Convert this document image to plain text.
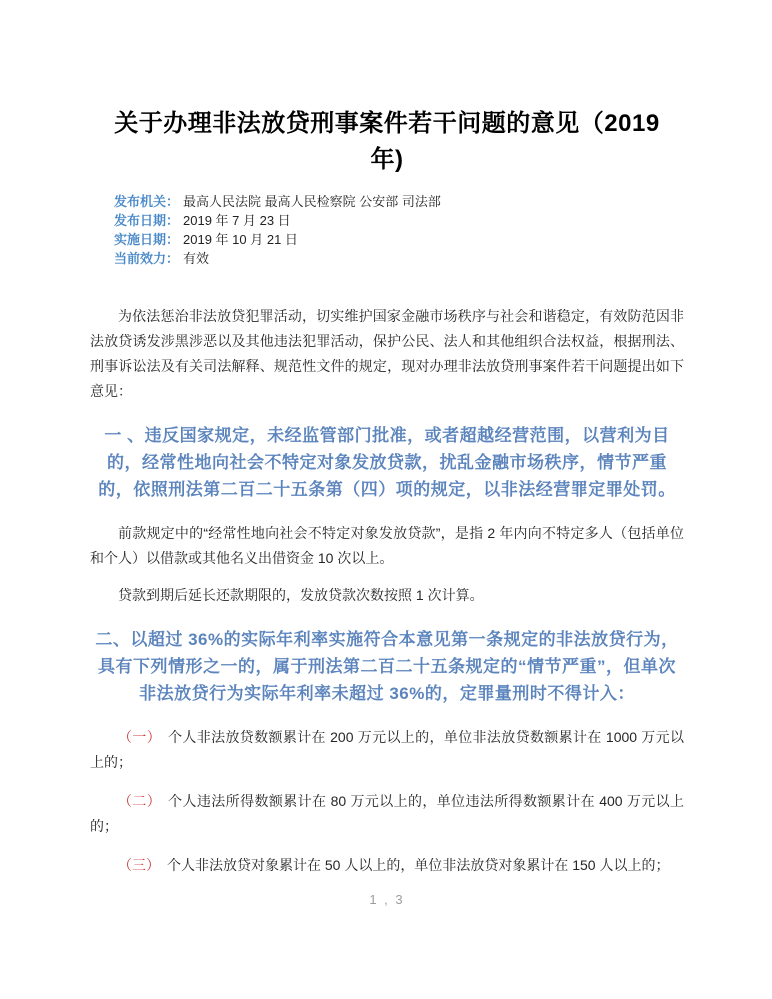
关于办理非法放贷刑事案件若干问题的意见（2019 年)
发布机关： 最高人民法院 最高人民检察院 公安部 司法部
发布日期： 2019 年 7 月 23 日
实施日期： 2019 年 10 月 21 日
当前效力： 有效

为依法惩治非法放贷犯罪活动，切实维护国家金融市场秩序与社会和谐稳定，有效防范因非法放贷诱发涉黑涉恶以及其他违法犯罪活动，保护公民、法人和其他组织合法权益，根据刑法、刑事诉讼法及有关司法解释、规范性文件的规定，现对办理非法放贷刑事案件若干问题提出如下意见：

一 、违反国家规定，未经监管部门批准，或者超越经营范围，以营利为目的，经常性地向社会不特定对象发放贷款，扰乱金融市场秩序，情节严重的，依照刑法第二百二十五条第（四）项的规定，以非法经营罪定罪处罚。

前款规定中的“经常性地向社会不特定对象发放贷款”，是指 2 年内向不特定多人（包括单位和个人）以借款或其他名义出借资金 10 次以上。

贷款到期后延长还款期限的，发放贷款次数按照 1 次计算。

二、以超过 36%的实际年利率实施符合本意见第一条规定的非法放贷行为，具有下列情形之一的，属于刑法第二百二十五条规定的“情节严重”，但单次非法放贷行为实际年利率未超过 36%的，定罪量刑时不得计入：

（一） 个人非法放贷数额累计在 200 万元以上的，单位非法放贷数额累计在 1000 万元以上的；

（二） 个人违法所得数额累计在 80 万元以上的，单位违法所得数额累计在 400 万元以上的；

（三） 个人非法放贷对象累计在 50 人以上的，单位非法放贷对象累计在 150 人以上的；

1 , 3
